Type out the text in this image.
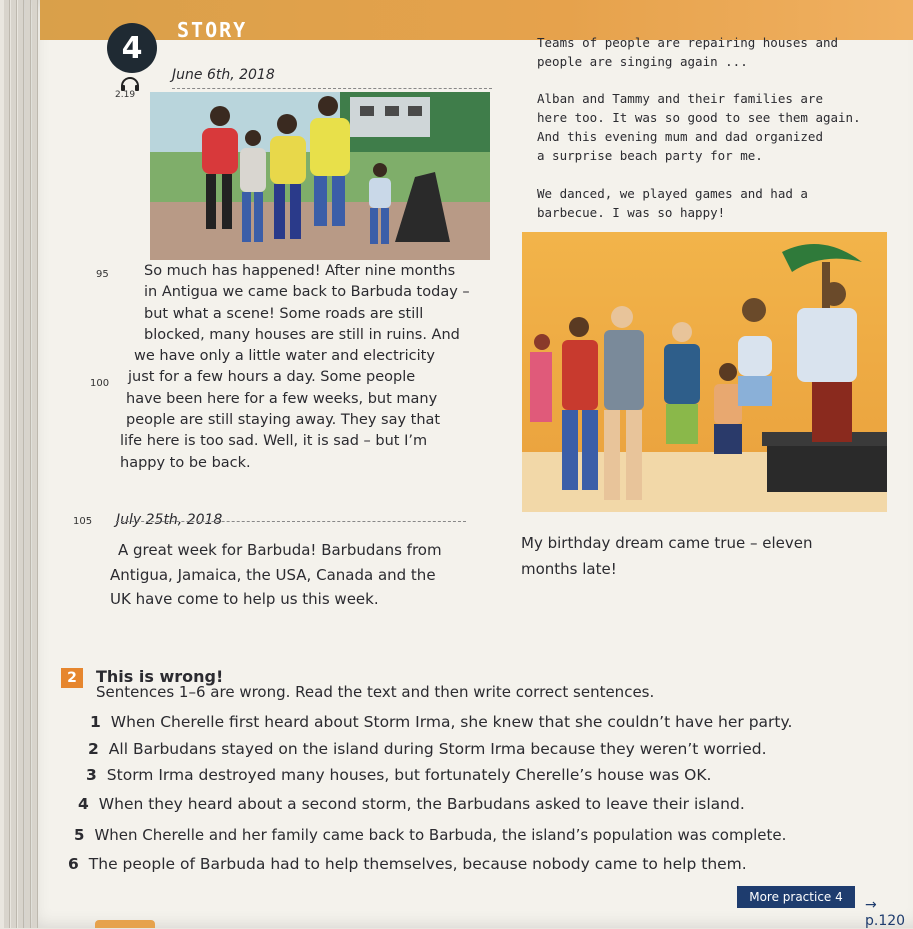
4
STORY
2.19
June 6th, 2018
Teams of people are repairing houses and
people are singing again ...
Alban and Tammy and their families are
here too. It was so good to see them again.
And this evening mum and dad organized
a surprise beach party for me.
We danced, we played games and had a
barbecue. I was so happy!
95
100
So much has happened! After nine months
in Antigua we came back to Barbuda today –
but what a scene! Some roads are still
blocked, many houses are still in ruins. And
we have only a little water and electricity
just for a few hours a day. Some people
have been here for a few weeks, but many
people are still staying away. They say that
life here is too sad. Well, it is sad – but I’m
happy to be back.
105 July 25th, 2018
A great week for Barbuda! Barbudans from
Antigua, Jamaica, the USA, Canada and the
UK have come to help us this week.
My birthday dream came true – eleven
months late!
2	This is wrong!
Sentences 1–6 are wrong. Read the text and then write correct sentences.
1 When Cherelle first heard about Storm Irma, she knew that she couldn’t have her party.
2 All Barbudans stayed on the island during Storm Irma because they weren’t worried.
3 Storm Irma destroyed many houses, but fortunately Cherelle’s house was OK.
4 When they heard about a second storm, the Barbudans asked to leave their island.
5 When Cherelle and her family came back to Barbuda, the island’s population was complete.
6 The people of Barbuda had to help themselves, because nobody came to help them.
More practice 4	→ p.120
